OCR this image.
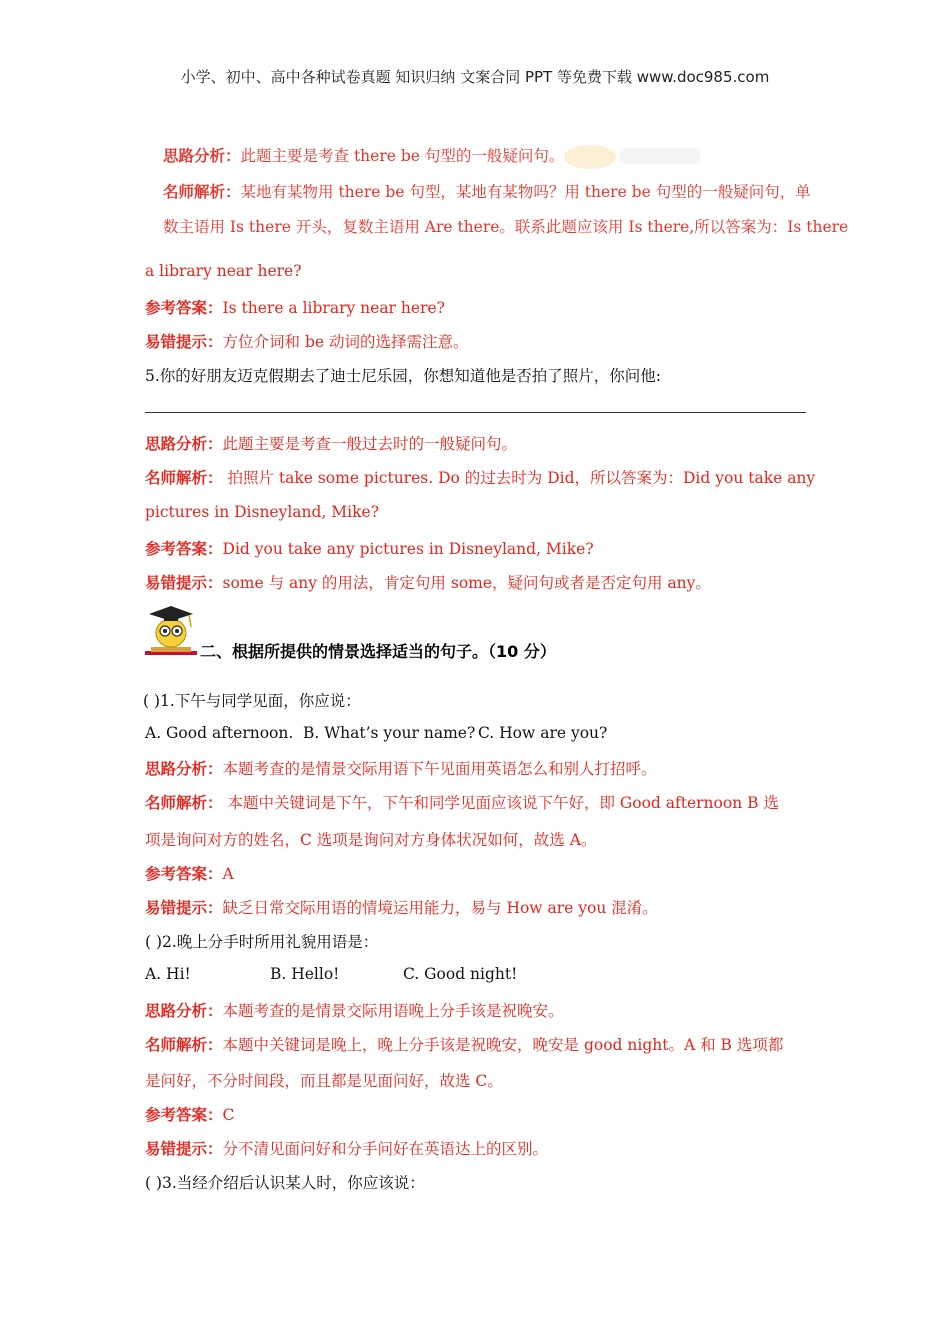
小学、初中、高中各种试卷真题 知识归纳 文案合同 PPT 等免费下载 www.doc985.com
思路分析：此题主要是考查 there be 句型的一般疑问句。
名师解析：某地有某物用 there be 句型，某地有某物吗？用 there be 句型的一般疑问句，单
数主语用 Is there 开头，复数主语用 Are there。联系此题应该用 Is there,所以答案为：Is there
a library near here?
参考答案：Is there a library near here?
易错提示：方位介词和 be 动词的选择需注意。
5.你的好朋友迈克假期去了迪士尼乐园，你想知道他是否拍了照片，你问他:
思路分析：此题主要是考查一般过去时的一般疑问句。
名师解析： 拍照片 take some pictures. Do 的过去时为 Did，所以答案为：Did you take any
pictures in Disneyland, Mike?
参考答案：Did you take any pictures in Disneyland, Mike?
易错提示：some 与 any 的用法，肯定句用 some，疑问句或者是否定句用 any。
二、根据所提供的情景选择适当的句子。（10 分）
( )1.下午与同学见面，你应说：
A. Good afternoon. B. What’s your name? C. How are you?
思路分析：本题考查的是情景交际用语下午见面用英语怎么和别人打招呼。
名师解析： 本题中关键词是下午，下午和同学见面应该说下午好，即 Good afternoon B 选
项是询问对方的姓名，C 选项是询问对方身体状况如何，故选 A。
参考答案：A
易错提示：缺乏日常交际用语的情境运用能力，易与 How are you 混淆。
( )2.晚上分手时所用礼貌用语是：
A. Hi!	B. Hello!	C. Good night!
思路分析：本题考查的是情景交际用语晚上分手该是祝晚安。
名师解析：本题中关键词是晚上，晚上分手该是祝晚安，晚安是 good night。A 和 B 选项都
是问好，不分时间段，而且都是见面问好，故选 C。
参考答案：C
易错提示：分不清见面问好和分手问好在英语达上的区别。
( )3.当经介绍后认识某人时，你应该说：
